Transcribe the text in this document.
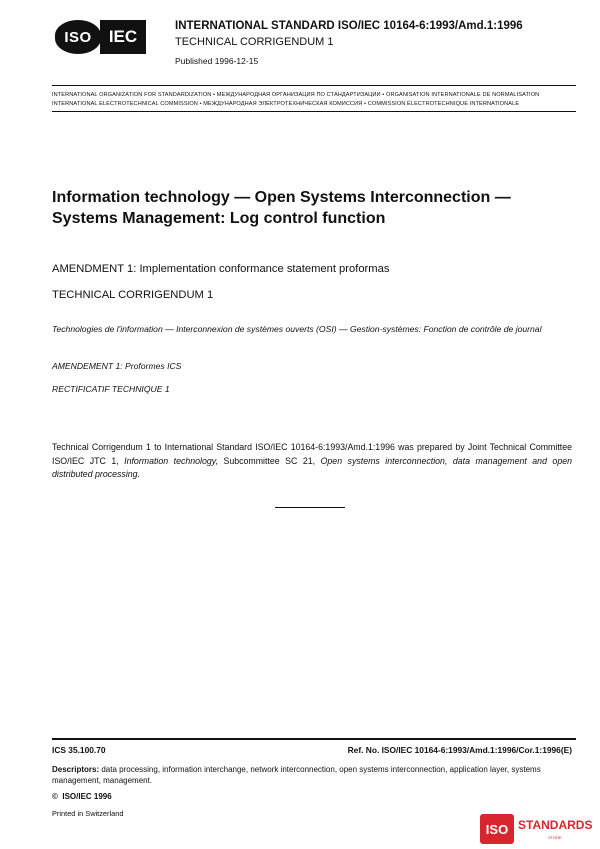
ISO	IEC
INTERNATIONAL STANDARD ISO/IEC 10164-6:1993/Amd.1:1996
TECHNICAL CORRIGENDUM 1
Published 1996-12-15
INTERNATIONAL ORGANIZATION FOR STANDARDIZATION • МЕЖДУНАРОДНАЯ ОРГАНИЗАЦИЯ ПО СТАНДАРТИЗАЦИИ • ORGANISATION INTERNATIONALE DE NORMALISATION
INTERNATIONAL ELECTROTECHNICAL COMMISSION • МЕЖДУНАРОДНАЯ ЭЛЕКТРОТЕХНИЧЕСКАЯ КОМИССИЯ • COMMISSION ÉLECTROTECHNIQUE INTERNATIONALE
Information technology — Open Systems Interconnection — Systems Management: Log control function
AMENDMENT 1: Implementation conformance statement proformas
TECHNICAL CORRIGENDUM 1
Technologies de l'information — Interconnexion de systèmes ouverts (OSI) — Gestion-systèmes: Fonction de contrôle de journal
AMENDEMENT 1: Proformes ICS
RECTIFICATIF TECHNIQUE 1
Technical Corrigendum 1 to International Standard ISO/IEC 10164-6:1993/Amd.1:1996 was prepared by Joint Technical Committee ISO/IEC JTC 1, Information technology, Subcommittee SC 21, Open systems interconnection, data management and open distributed processing.
ICS 35.100.70	Ref. No. ISO/IEC 10164-6:1993/Amd.1:1996/Cor.1:1996(E)
Descriptors: data processing, information interchange, network interconnection, open systems interconnection, application layer, systems management, management.
©  ISO/IEC 1996
Printed in Switzerland
ISO STANDARDS
STORE
